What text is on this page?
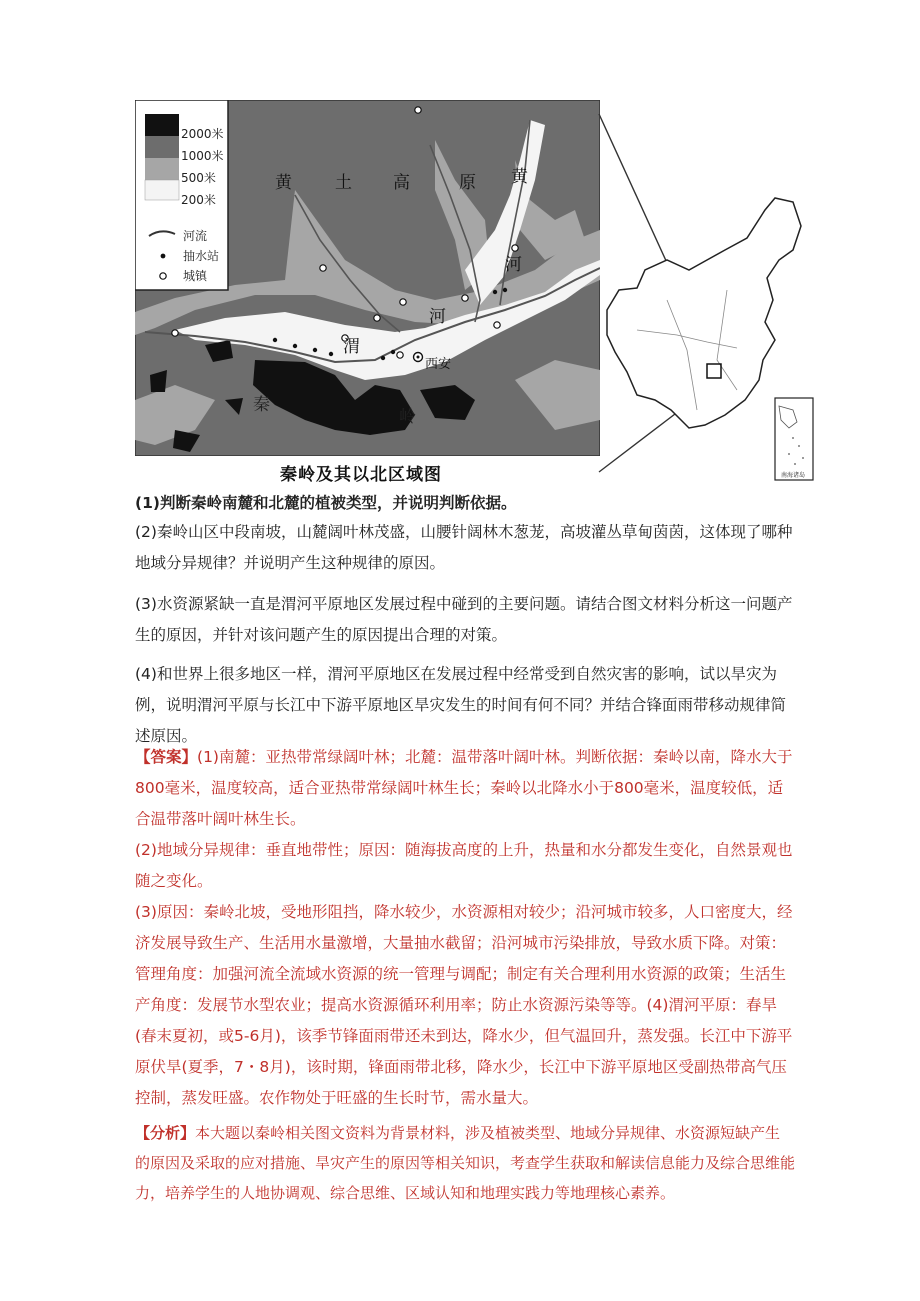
2000米
1000米
500米
200米
河流
抽水站
城镇
黄	土 高	原 黄
河
渭
河
秦
岭
西安
南海诸岛
秦岭及其以北区域图
(1)判断秦岭南麓和北麓的植被类型，并说明判断依据。
(2)秦岭山区中段南坡，山麓阔叶林茂盛，山腰针阔林木葱茏，高坡灌丛草甸茵茵，这体现了哪种地域分异规律？并说明产生这种规律的原因。
(3)水资源紧缺一直是渭河平原地区发展过程中碰到的主要问题。请结合图文材料分析这一问题产生的原因，并针对该问题产生的原因提出合理的对策。
(4)和世界上很多地区一样，渭河平原地区在发展过程中经常受到自然灾害的影响，试以旱灾为例，说明渭河平原与长江中下游平原地区旱灾发生的时间有何不同？并结合锋面雨带移动规律简述原因。

【答案】(1)南麓：亚热带常绿阔叶林；北麓：温带落叶阔叶林。判断依据：秦岭以南，降水大于800毫米，温度较高，适合亚热带常绿阔叶林生长；秦岭以北降水小于800毫米，温度较低，适合温带落叶阔叶林生长。

(2)地域分异规律：垂直地带性；原因：随海拔高度的上升，热量和水分都发生变化，自然景观也随之变化。

(3)原因：秦岭北坡，受地形阻挡，降水较少，水资源相对较少；沿河城市较多，人口密度大，经济发展导致生产、生活用水量激增，大量抽水截留；沿河城市污染排放，导致水质下降。对策：管理角度：加强河流全流域水资源的统一管理与调配；制定有关合理利用水资源的政策；生活生产角度：发展节水型农业；提高水资源循环利用率；防止水资源污染等等。(4)渭河平原：春旱(春末夏初，或5-6月)，该季节锋面雨带还未到达，降水少，但气温回升，蒸发强。长江中下游平原伏旱(夏季，7・8月)，该时期，锋面雨带北移，降水少，长江中下游平原地区受副热带高气压控制，蒸发旺盛。农作物处于旺盛的生长时节，需水量大。

【分析】本大题以秦岭相关图文资料为背景材料，涉及植被类型、地域分异规律、水资源短缺产生的原因及采取的应对措施、旱灾产生的原因等相关知识，考查学生获取和解读信息能力及综合思维能力，培养学生的人地协调观、综合思维、区域认知和地理实践力等地理核心素养。
